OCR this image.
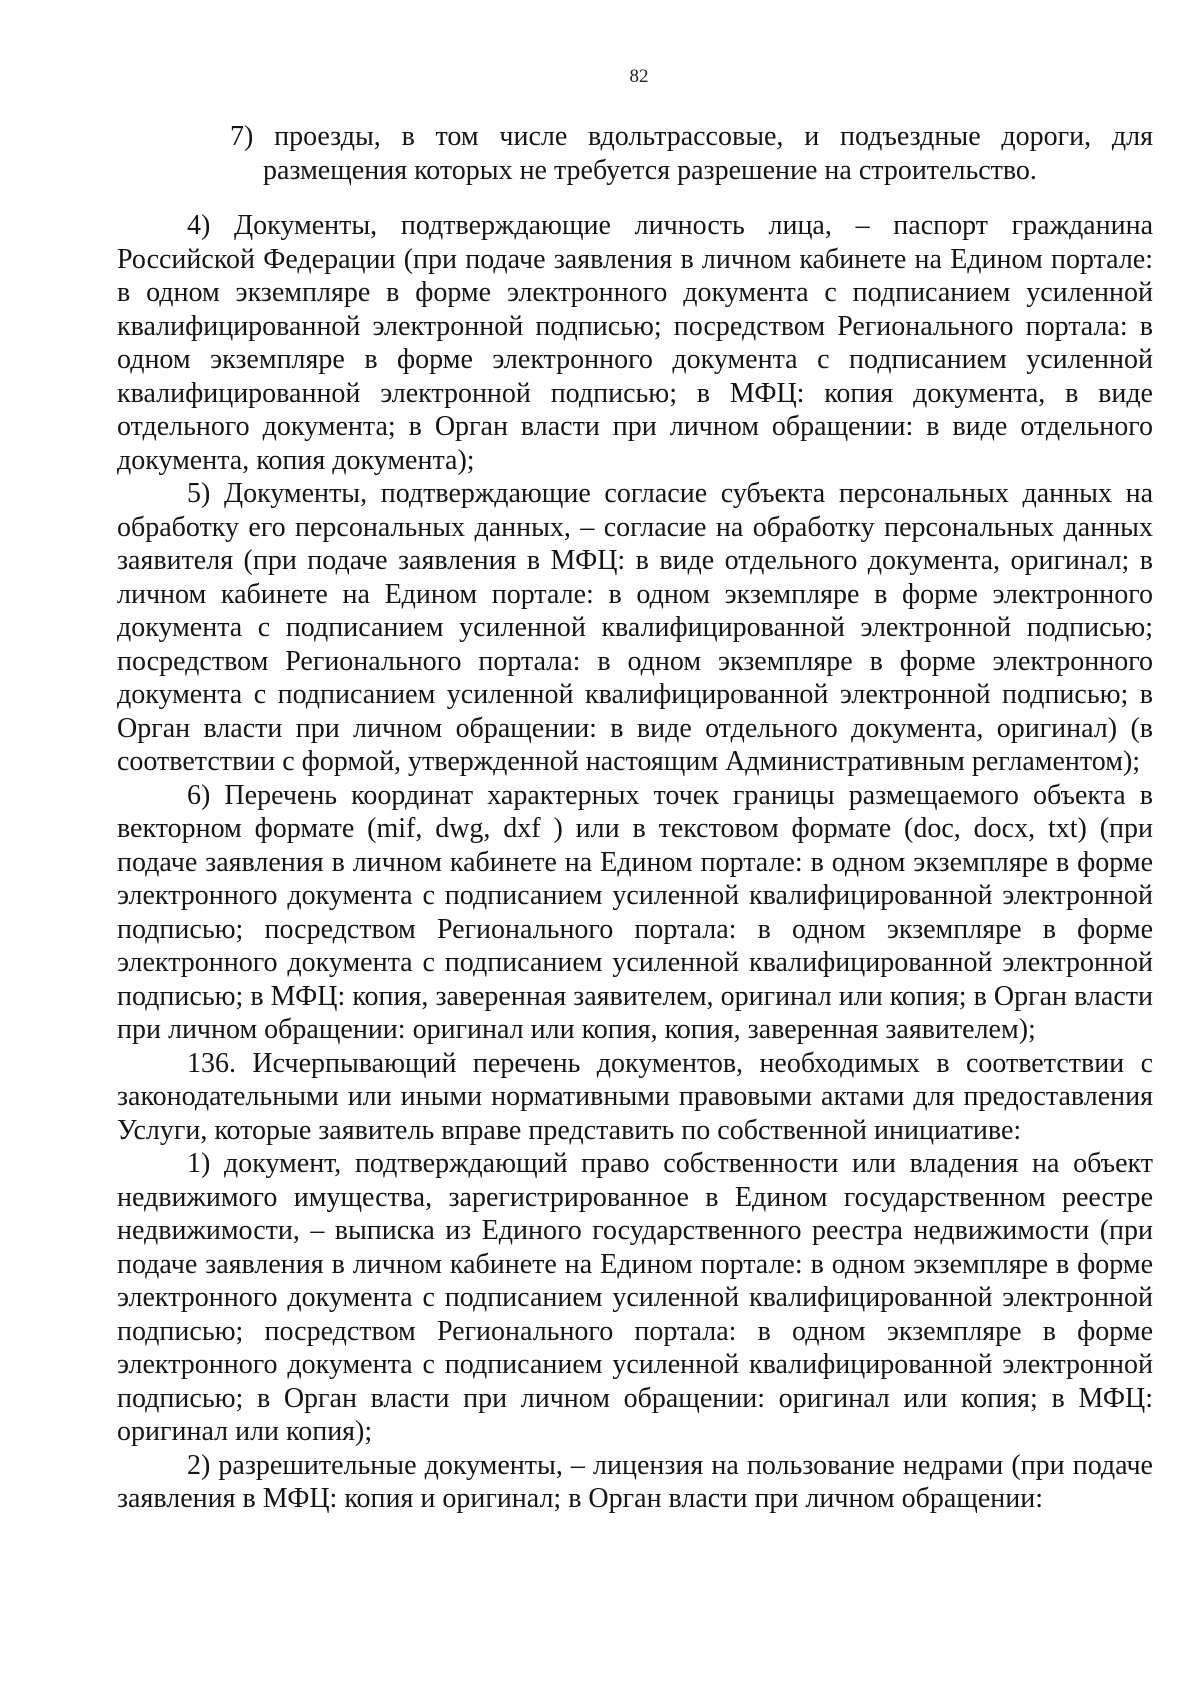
82

7) проезды, в том числе вдольтрассовые, и подъездные дороги, для размещения которых не требуется разрешение на строительство.

4) Документы, подтверждающие личность лица, – паспорт гражданина Российской Федерации (при подаче заявления в личном кабинете на Едином портале: в одном экземпляре в форме электронного документа с подписанием усиленной квалифицированной электронной подписью; посредством Регионального портала: в одном экземпляре в форме электронного документа с подписанием усиленной квалифицированной электронной подписью; в МФЦ: копия документа, в виде отдельного документа; в Орган власти при личном обращении: в виде отдельного документа, копия документа);

5) Документы, подтверждающие согласие субъекта персональных данных на обработку его персональных данных, – согласие на обработку персональных данных заявителя (при подаче заявления в МФЦ: в виде отдельного документа, оригинал; в личном кабинете на Едином портале: в одном экземпляре в форме электронного документа с подписанием усиленной квалифицированной электронной подписью; посредством Регионального портала: в одном экземпляре в форме электронного документа с подписанием усиленной квалифицированной электронной подписью; в Орган власти при личном обращении: в виде отдельного документа, оригинал) (в соответствии с формой, утвержденной настоящим Административным регламентом);

6) Перечень координат характерных точек границы размещаемого объекта в векторном формате (mif, dwg, dxf ) или в текстовом формате (doc, docx, txt) (при подаче заявления в личном кабинете на Едином портале: в одном экземпляре в форме электронного документа с подписанием усиленной квалифицированной электронной подписью; посредством Регионального портала: в одном экземпляре в форме электронного документа с подписанием усиленной квалифицированной электронной подписью; в МФЦ: копия, заверенная заявителем, оригинал или копия; в Орган власти при личном обращении: оригинал или копия, копия, заверенная заявителем);

136. Исчерпывающий перечень документов, необходимых в соответствии с законодательными или иными нормативными правовыми актами для предоставления Услуги, которые заявитель вправе представить по собственной инициативе:

1) документ, подтверждающий право собственности или владения на объект недвижимого имущества, зарегистрированное в Едином государственном реестре недвижимости, – выписка из Единого государственного реестра недвижимости (при подаче заявления в личном кабинете на Едином портале: в одном экземпляре в форме электронного документа с подписанием усиленной квалифицированной электронной подписью; посредством Регионального портала: в одном экземпляре в форме электронного документа с подписанием усиленной квалифицированной электронной подписью; в Орган власти при личном обращении: оригинал или копия; в МФЦ: оригинал или копия);

2) разрешительные документы, – лицензия на пользование недрами (при подаче заявления в МФЦ: копия и оригинал; в Орган власти при личном обращении:
